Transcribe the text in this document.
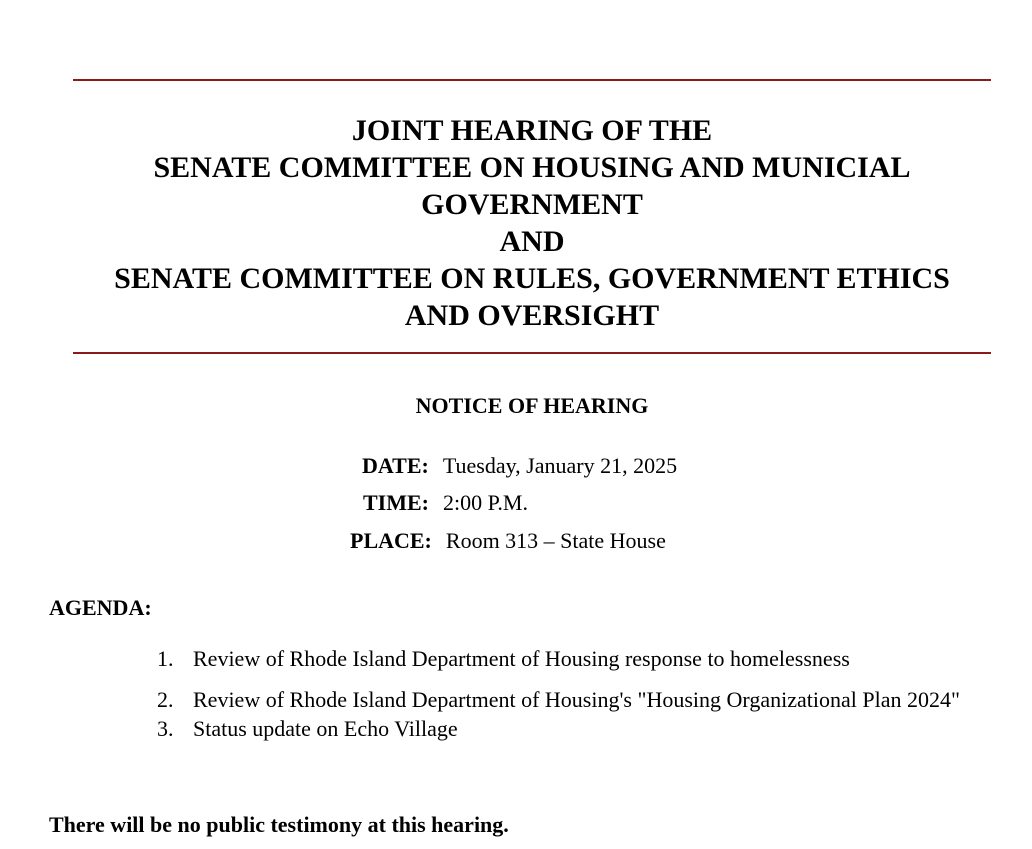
JOINT HEARING OF THE
SENATE COMMITTEE ON HOUSING AND MUNICIAL
GOVERNMENT
AND
SENATE COMMITTEE ON RULES, GOVERNMENT ETHICS
AND OVERSIGHT
NOTICE OF HEARING
DATE: Tuesday, January 21, 2025
TIME: 2:00 P.M.
PLACE: Room 313 – State House
AGENDA:
1. Review of Rhode Island Department of Housing response to homelessness
2. Review of Rhode Island Department of Housing's "Housing Organizational Plan 2024"
3. Status update on Echo Village
There will be no public testimony at this hearing.
